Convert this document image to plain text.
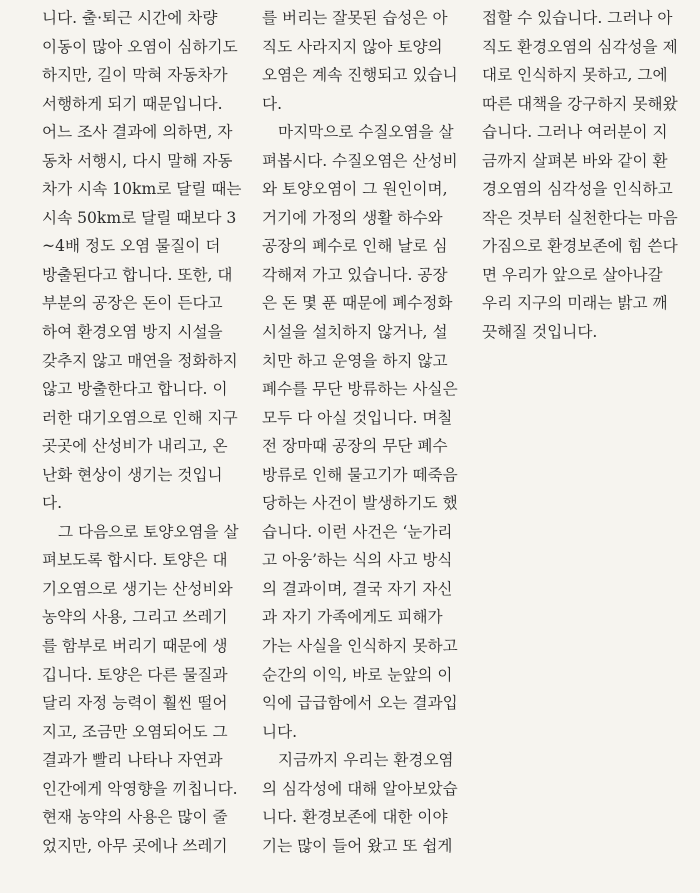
니다. 출·퇴근 시간에 차량
이동이 많아 오염이 심하기도
하지만, 길이 막혀 자동차가
서행하게 되기 때문입니다.
어느 조사 결과에 의하면, 자
동차 서행시, 다시 말해 자동
차가 시속 10km로 달릴 때는
시속 50km로 달릴 때보다 3
~4배 정도 오염 물질이 더
방출된다고 합니다. 또한, 대
부분의 공장은 돈이 든다고
하여 환경오염 방지 시설을
갖추지 않고 매연을 정화하지
않고 방출한다고 합니다. 이
러한 대기오염으로 인해 지구
곳곳에 산성비가 내리고, 온
난화 현상이 생기는 것입니
다.
그 다음으로 토양오염을 살
펴보도록 합시다. 토양은 대
기오염으로 생기는 산성비와
농약의 사용, 그리고 쓰레기
를 함부로 버리기 때문에 생
깁니다. 토양은 다른 물질과
달리 자정 능력이 훨씬 떨어
지고, 조금만 오염되어도 그
결과가 빨리 나타나 자연과
인간에게 악영향을 끼칩니다.
현재 농약의 사용은 많이 줄
었지만, 아무 곳에나 쓰레기
를 버리는 잘못된 습성은 아
직도 사라지지 않아 토양의
오염은 계속 진행되고 있습니
다.
마지막으로 수질오염을 살
펴봅시다. 수질오염은 산성비
와 토양오염이 그 원인이며,
거기에 가정의 생활 하수와
공장의 폐수로 인해 날로 심
각해져 가고 있습니다. 공장
은 돈 몇 푼 때문에 폐수정화
시설을 설치하지 않거나, 설
치만 하고 운영을 하지 않고
폐수를 무단 방류하는 사실은
모두 다 아실 것입니다. 며칠
전 장마때 공장의 무단 폐수
방류로 인해 물고기가 떼죽음
당하는 사건이 발생하기도 했
습니다. 이런 사건은 ‘눈가리
고 아웅’하는 식의 사고 방식
의 결과이며, 결국 자기 자신
과 자기 가족에게도 피해가
가는 사실을 인식하지 못하고
순간의 이익, 바로 눈앞의 이
익에 급급함에서 오는 결과입
니다.
지금까지 우리는 환경오염
의 심각성에 대해 알아보았습
니다. 환경보존에 대한 이야
기는 많이 들어 왔고 또 쉽게
접할 수 있습니다. 그러나 아
직도 환경오염의 심각성을 제
대로 인식하지 못하고, 그에
따른 대책을 강구하지 못해왔
습니다. 그러나 여러분이 지
금까지 살펴본 바와 같이 환
경오염의 심각성을 인식하고
작은 것부터 실천한다는 마음
가짐으로 환경보존에 힘 쓴다
면 우리가 앞으로 살아나갈
우리 지구의 미래는 밝고 깨
끗해질 것입니다.
